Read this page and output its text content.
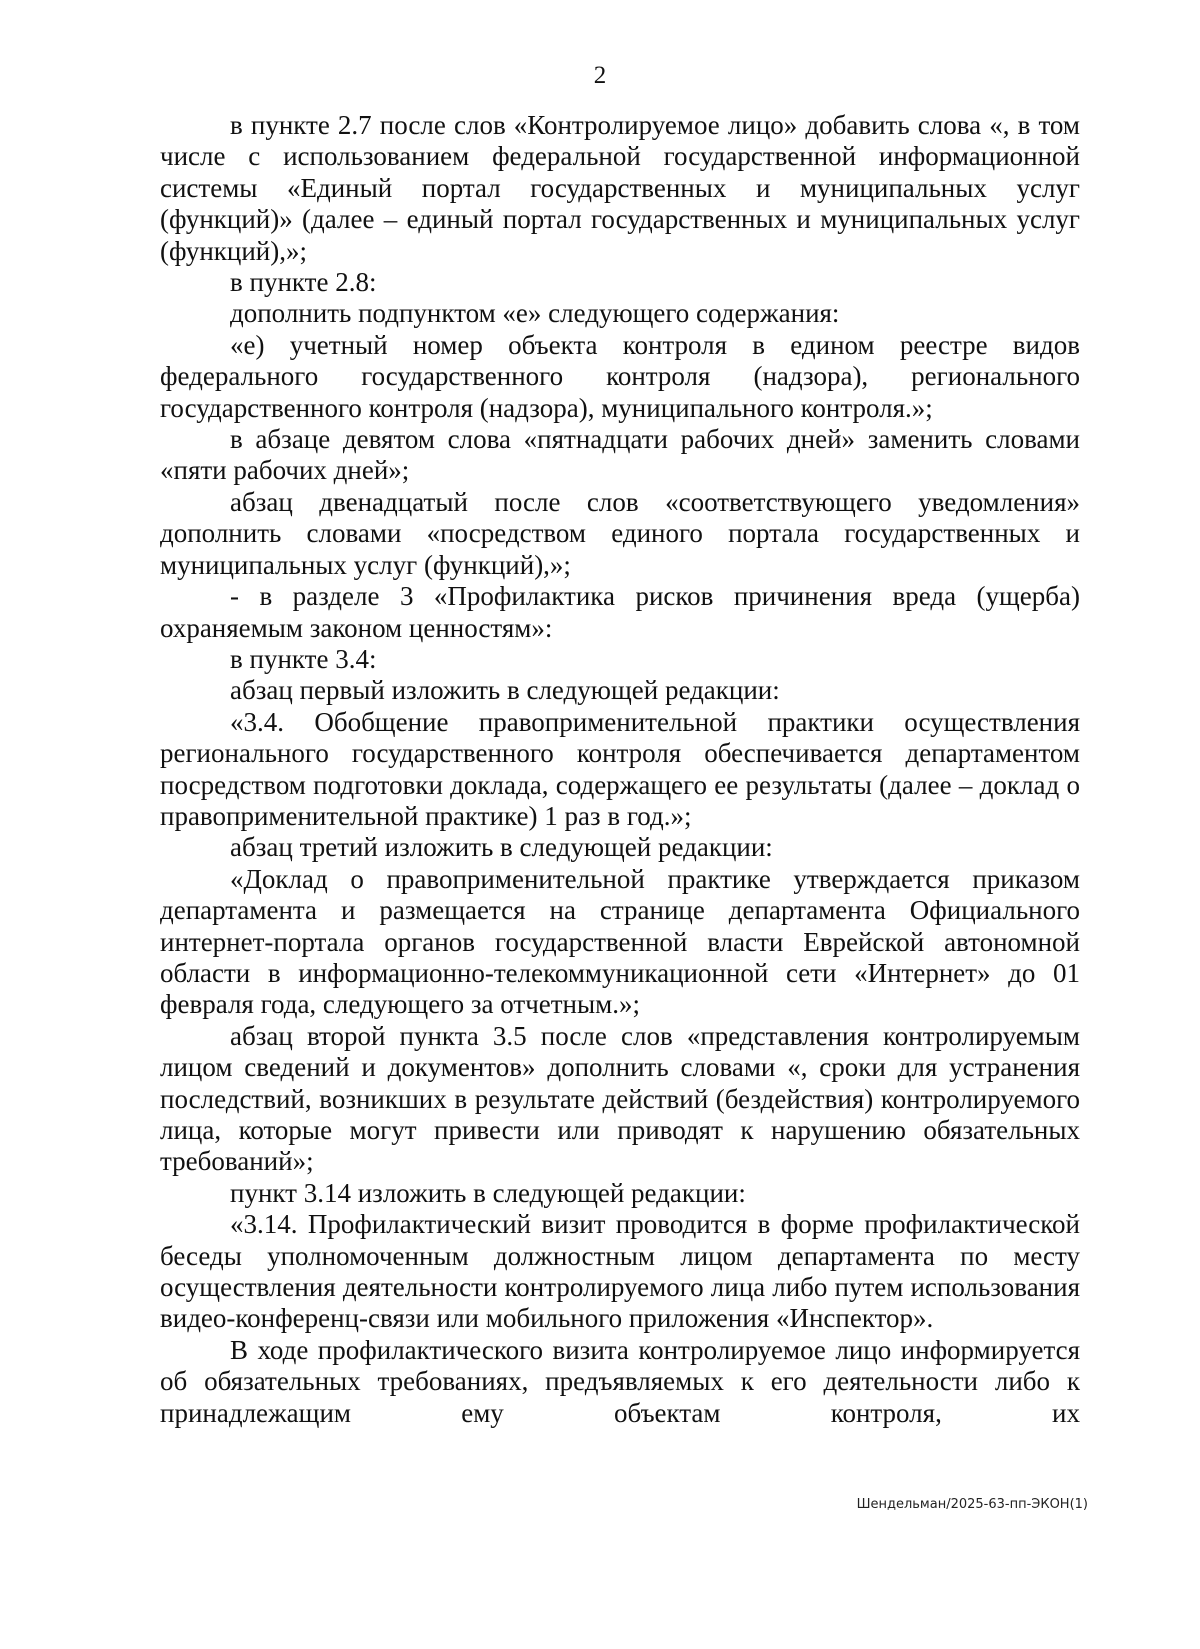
2

в пункте 2.7 после слов «Контролируемое лицо» добавить слова «, в том числе с использованием федеральной государственной информационной системы «Единый портал государственных и муниципальных услуг (функций)» (далее – единый портал государственных и муниципальных услуг (функций),»;

в пункте 2.8:

дополнить подпунктом «е» следующего содержания:

«е) учетный номер объекта контроля в едином реестре видов федерального государственного контроля (надзора), регионального государственного контроля (надзора), муниципального контроля.»;

в абзаце девятом слова «пятнадцати рабочих дней» заменить словами «пяти рабочих дней»;

абзац двенадцатый после слов «соответствующего уведомления» дополнить словами «посредством единого портала государственных и муниципальных услуг (функций),»;

- в разделе 3 «Профилактика рисков причинения вреда (ущерба) охраняемым законом ценностям»:

в пункте 3.4:

абзац первый изложить в следующей редакции:

«3.4. Обобщение правоприменительной практики осуществления регионального государственного контроля обеспечивается департаментом посредством подготовки доклада, содержащего ее результаты (далее – доклад о правоприменительной практике) 1 раз в год.»;

абзац третий изложить в следующей редакции:

«Доклад о правоприменительной практике утверждается приказом департамента и размещается на странице департамента Официального интернет-портала органов государственной власти Еврейской автономной области в информационно-телекоммуникационной сети «Интернет» до 01 февраля года, следующего за отчетным.»;

абзац второй пункта 3.5 после слов «представления контролируемым лицом сведений и документов» дополнить словами «, сроки для устранения последствий, возникших в результате действий (бездействия) контролируемого лица, которые могут привести или приводят к нарушению обязательных требований»;

пункт 3.14 изложить в следующей редакции:

«3.14. Профилактический визит проводится в форме профилактической беседы уполномоченным должностным лицом департамента по месту осуществления деятельности контролируемого лица либо путем использования видео-конференц-связи или мобильного приложения «Инспектор».

В ходе профилактического визита контролируемое лицо информируется об обязательных требованиях, предъявляемых к его деятельности либо к принадлежащим ему объектам контроля, их

Шендельман/2025-63-пп-ЭКОН(1)
